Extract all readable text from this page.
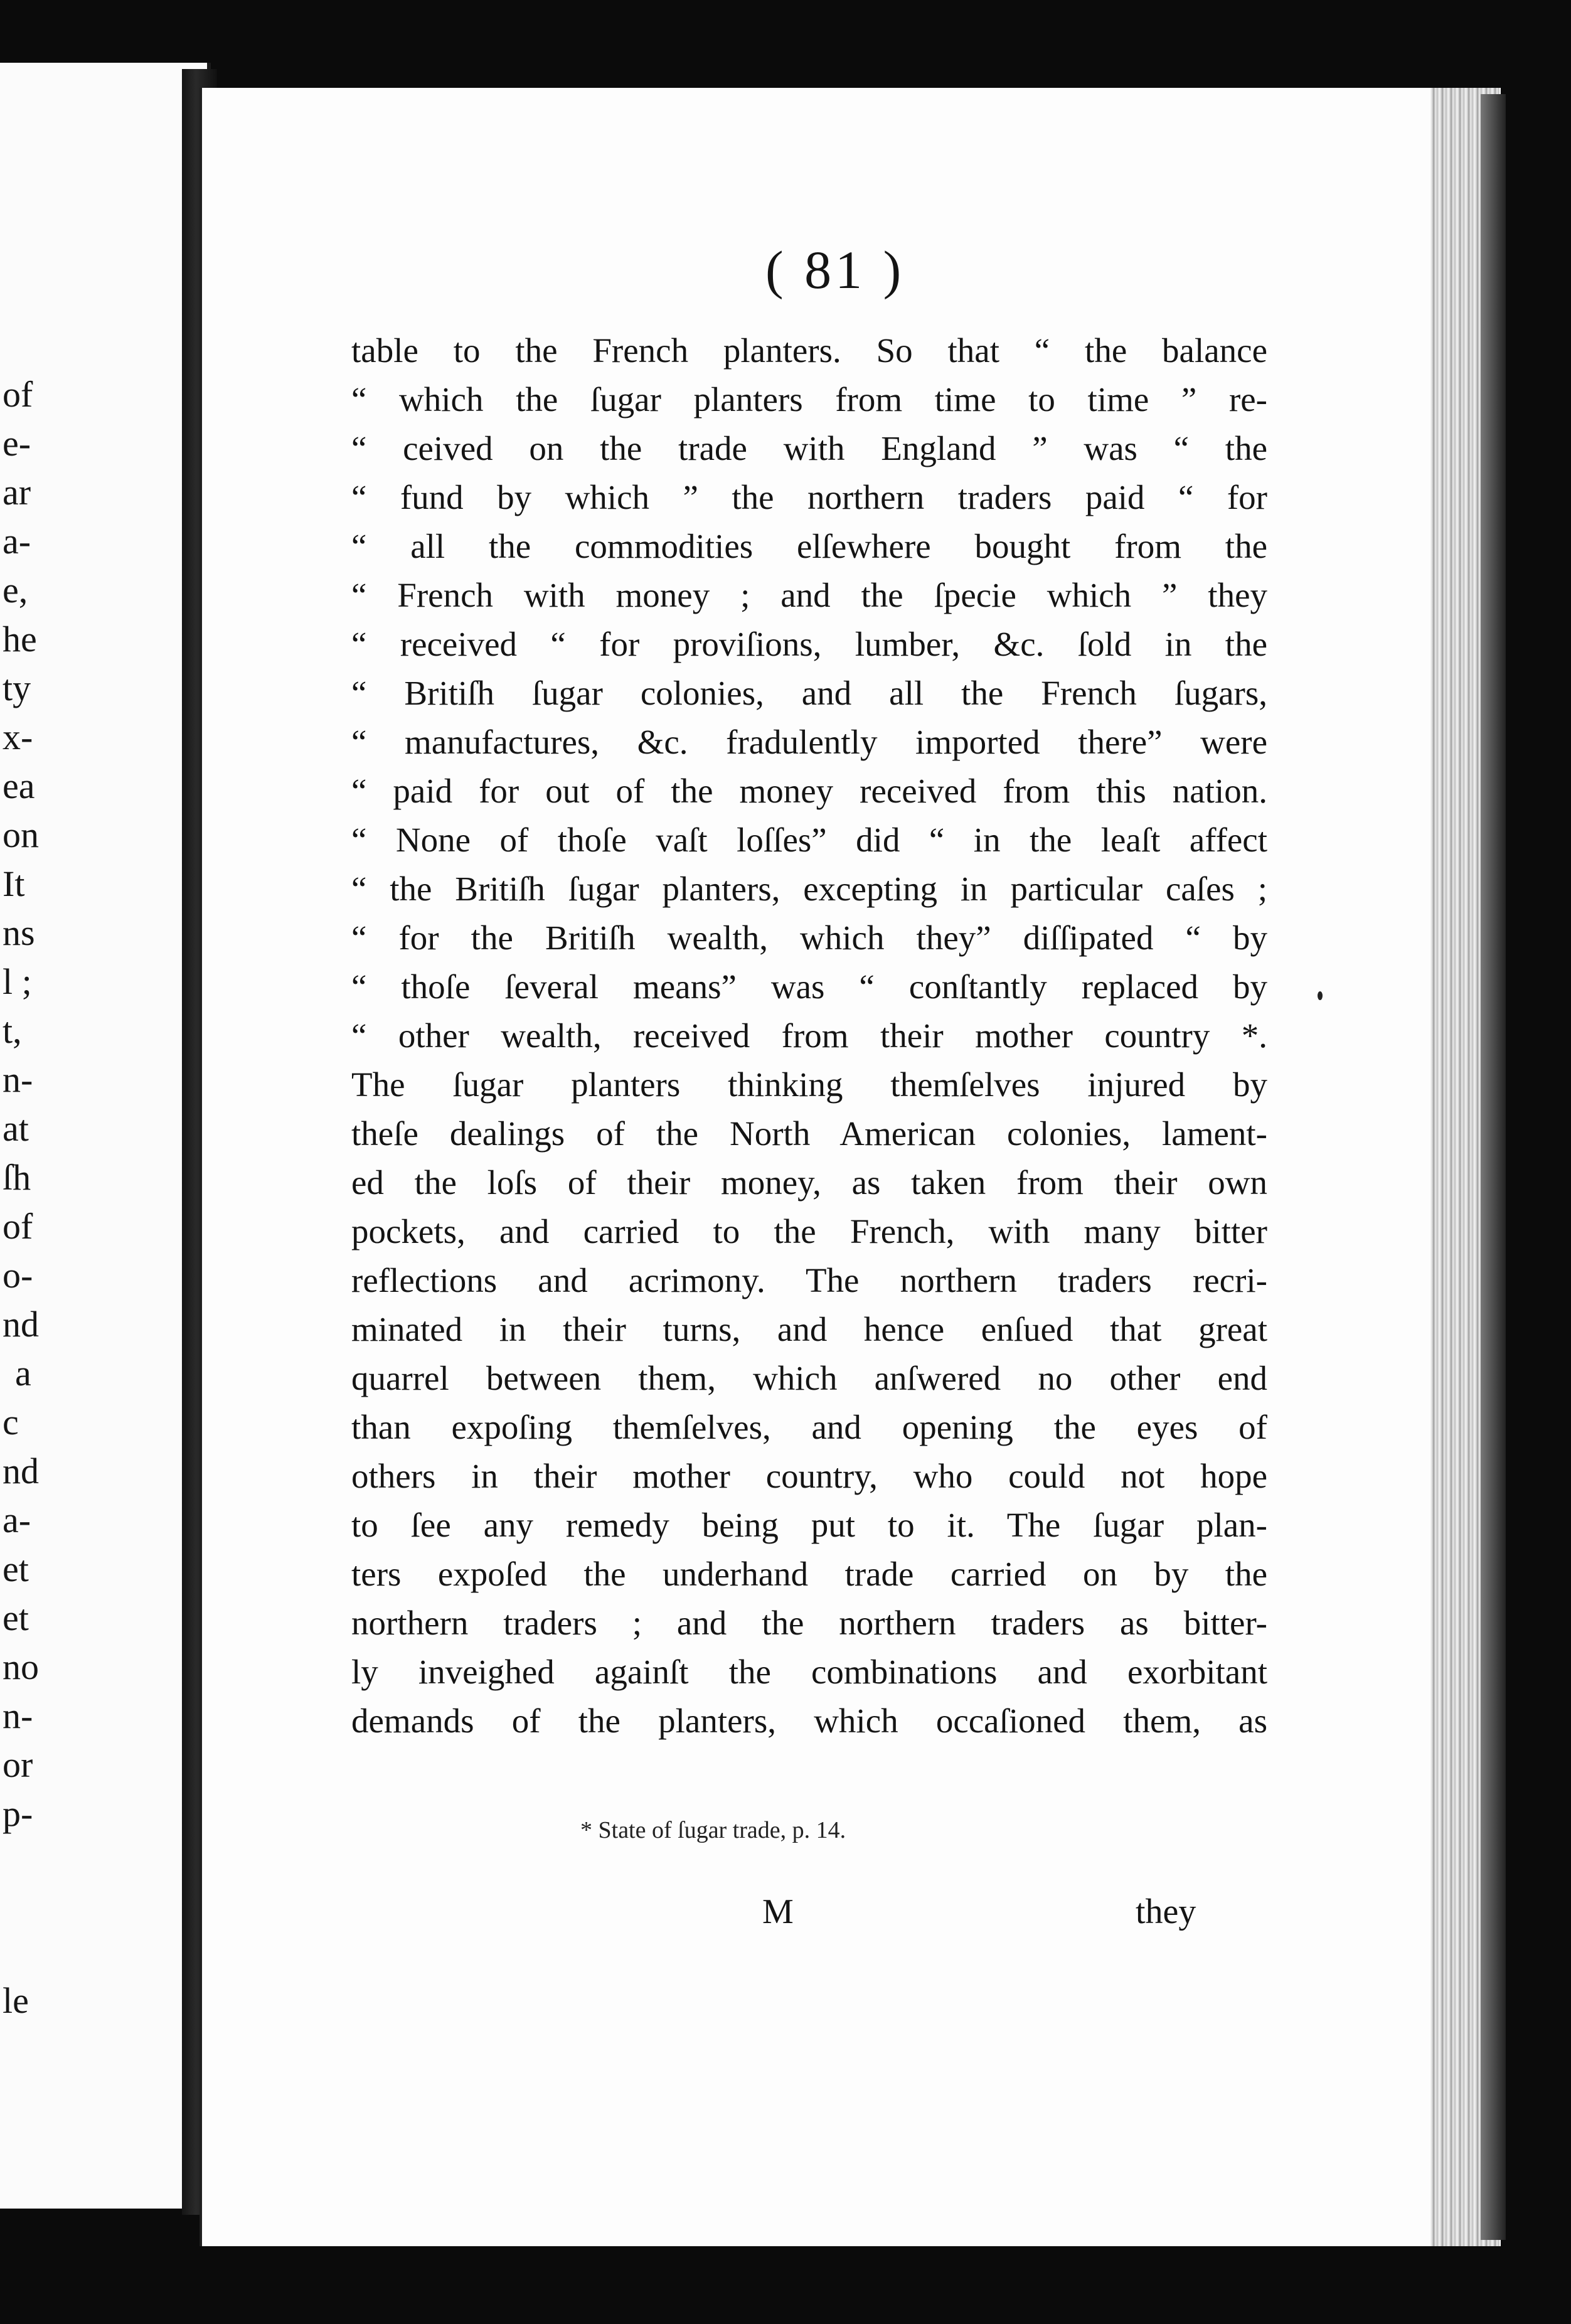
of
e-
ar
a-
e,
he
ty
x-
ea
on
It
ns
l ;
t,
n-
at
ſh
of
o-
nd
a
c
nd
a-
et
et
no
n-
or
p-
le
( 81 )
table to the French planters. So that “ the balance
“ which the ſugar planters from time to time ” re-
“ ceived on the trade with England ” was “ the
“ fund by which ” the northern traders paid “ for
“ all the commodities elſewhere bought from the
“ French with money ; and the ſpecie which ” they
“ received “ for proviſions, lumber, &c. ſold in the
“ Britiſh ſugar colonies, and all the French ſugars,
“ manufactures, &c. fradulently imported there” were
“ paid for out of the money received from this nation.
“ None of thoſe vaſt loſſes” did “ in the leaſt affect
“ the Britiſh ſugar planters, excepting in particular caſes ;
“ for the Britiſh wealth, which they” diſſipated “ by
“ thoſe ſeveral means” was “ conſtantly replaced by
“ other wealth, received from their mother country *.
The ſugar planters thinking themſelves injured by
theſe dealings of the North American colonies, lament-
ed the loſs of their money, as taken from their own
pockets, and carried to the French, with many bitter
reflections and acrimony. The northern traders recri-
minated in their turns, and hence enſued that great
quarrel between them, which anſwered no other end
than expoſing themſelves, and opening the eyes of
others in their mother country, who could not hope
to ſee any remedy being put to it. The ſugar plan-
ters expoſed the underhand trade carried on by the
northern traders ; and the northern traders as bitter-
ly inveighed againſt the combinations and exorbitant
demands of the planters, which occaſioned them, as
* State of ſugar trade, p. 14.
M	they
